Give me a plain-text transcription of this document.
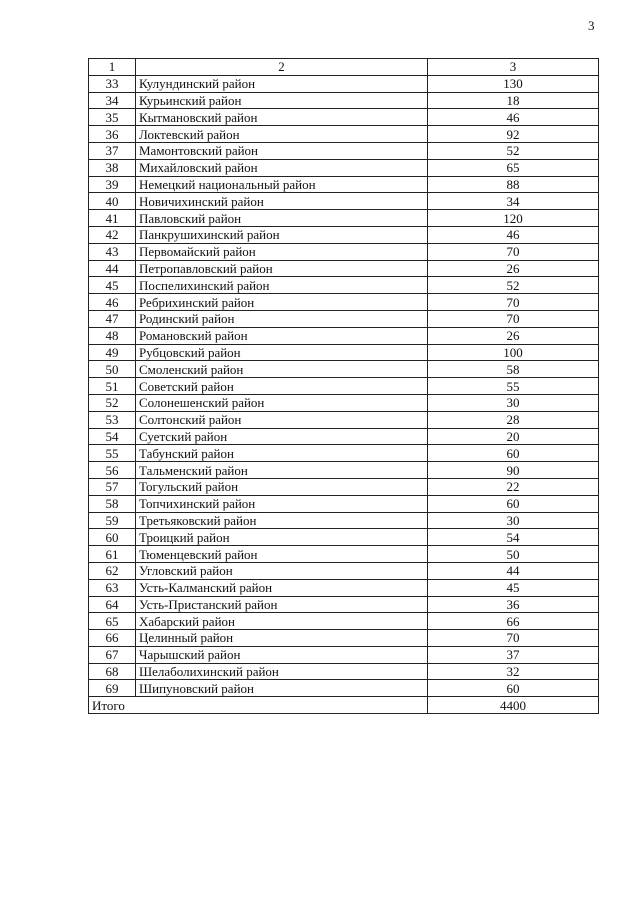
3
1	2	3
33	Кулундинский район	130
34	Курьинский район	18
35	Кытмановский район	46
36	Локтевский район	92
37	Мамонтовский район	52
38	Михайловский район	65
39	Немецкий национальный район	88
40	Новичихинский район	34
41	Павловский район	120
42	Панкрушихинский район	46
43	Первомайский район	70
44	Петропавловский район	26
45	Поспелихинский район	52
46	Ребрихинский район	70
47	Родинский район	70
48	Романовский район	26
49	Рубцовский район	100
50	Смоленский район	58
51	Советский район	55
52	Солонешенский район	30
53	Солтонский район	28
54	Суетский район	20
55	Табунский район	60
56	Тальменский район	90
57	Тогульский район	22
58	Топчихинский район	60
59	Третьяковский район	30
60	Троицкий район	54
61	Тюменцевский район	50
62	Угловский район	44
63	Усть-Калманский район	45
64	Усть-Пристанский район	36
65	Хабарский район	66
66	Целинный район	70
67	Чарышский район	37
68	Шелаболихинский район	32
69	Шипуновский район	60
Итого		4400
